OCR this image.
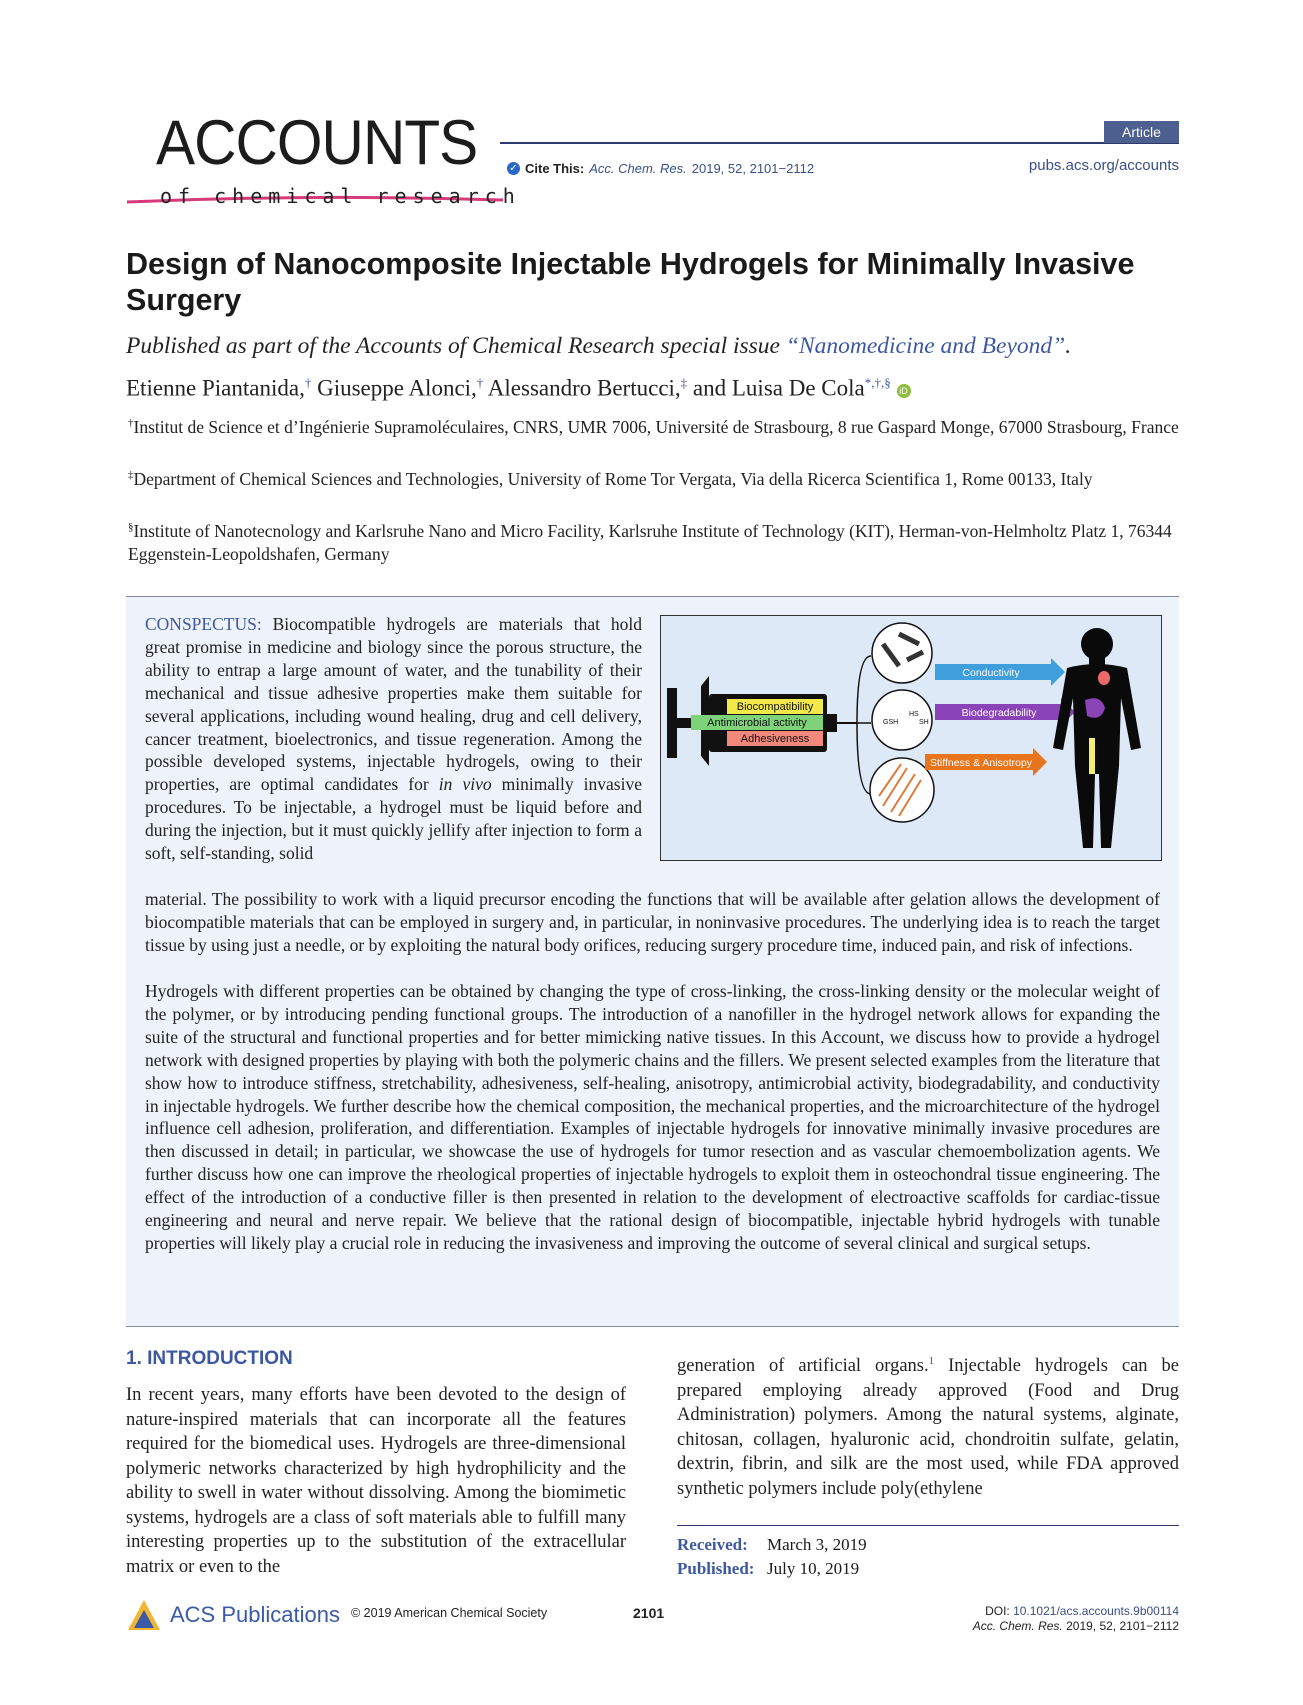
ACCOUNTS
of chemical research
Article
✓ Cite This: Acc. Chem. Res. 2019, 52, 2101−2112	pubs.acs.org/accounts
Design of Nanocomposite Injectable Hydrogels for Minimally Invasive Surgery
Published as part of the Accounts of Chemical Research special issue “Nanomedicine and Beyond”.
Etienne Piantanida,† Giuseppe Alonci,† Alessandro Bertucci,‡ and Luisa De Cola*,†,§ iD
†Institut de Science et d’Ingénierie Supramoléculaires, CNRS, UMR 7006, Université de Strasbourg, 8 rue Gaspard Monge, 67000 Strasbourg, France
‡Department of Chemical Sciences and Technologies, University of Rome Tor Vergata, Via della Ricerca Scientifica 1, Rome 00133, Italy
§Institute of Nanotecnology and Karlsruhe Nano and Micro Facility, Karlsruhe Institute of Technology (KIT), Herman-von-Helmholtz Platz 1, 76344 Eggenstein-Leopoldshafen, Germany
CONSPECTUS: Biocompatible hydrogels are materials that hold great promise in medicine and biology since the porous structure, the ability to entrap a large amount of water, and the tunability of their mechanical and tissue adhesive properties make them suitable for several applications, including wound healing, drug and cell delivery, cancer treatment, bioelectronics, and tissue regeneration. Among the possible developed systems, injectable hydrogels, owing to their properties, are optimal candidates for in vivo minimally invasive procedures. To be injectable, a hydrogel must be liquid before and during the injection, but it must quickly jellify after injection to form a soft, self-standing, solid
Biocompatibility
Antimicrobial activity
Adhesiveness
GSH
HS
SH
Conductivity
Biodegradability
Stiffness & Anisotropy

material. The possibility to work with a liquid precursor encoding the functions that will be available after gelation allows the development of biocompatible materials that can be employed in surgery and, in particular, in noninvasive procedures. The underlying idea is to reach the target tissue by using just a needle, or by exploiting the natural body orifices, reducing surgery procedure time, induced pain, and risk of infections.

Hydrogels with different properties can be obtained by changing the type of cross-linking, the cross-linking density or the molecular weight of the polymer, or by introducing pending functional groups. The introduction of a nanofiller in the hydrogel network allows for expanding the suite of the structural and functional properties and for better mimicking native tissues. In this Account, we discuss how to provide a hydrogel network with designed properties by playing with both the polymeric chains and the fillers. We present selected examples from the literature that show how to introduce stiffness, stretchability, adhesiveness, self-healing, anisotropy, antimicrobial activity, biodegradability, and conductivity in injectable hydrogels. We further describe how the chemical composition, the mechanical properties, and the microarchitecture of the hydrogel influence cell adhesion, proliferation, and differentiation. Examples of injectable hydrogels for innovative minimally invasive procedures are then discussed in detail; in particular, we showcase the use of hydrogels for tumor resection and as vascular chemoembolization agents. We further discuss how one can improve the rheological properties of injectable hydrogels to exploit them in osteochondral tissue engineering. The effect of the introduction of a conductive filler is then presented in relation to the development of electroactive scaffolds for cardiac-tissue engineering and neural and nerve repair. We believe that the rational design of biocompatible, injectable hybrid hydrogels with tunable properties will likely play a crucial role in reducing the invasiveness and improving the outcome of several clinical and surgical setups.

1. INTRODUCTION
In recent years, many efforts have been devoted to the design of nature-inspired materials that can incorporate all the features required for the biomedical uses. Hydrogels are three-dimensional polymeric networks characterized by high hydrophilicity and the ability to swell in water without dissolving. Among the biomimetic systems, hydrogels are a class of soft materials able to fulfill many interesting properties up to the substitution of the extracellular matrix or even to the
generation of artificial organs.$^1$ Injectable hydrogels can be prepared employing already approved (Food and Drug Administration) polymers. Among the natural systems, alginate, chitosan, collagen, hyaluronic acid, chondroitin sulfate, gelatin, dextrin, fibrin, and silk are the most used, while FDA approved synthetic polymers include poly(ethylene
Received: March 3, 2019
Published: July 10, 2019
ACS Publications © 2019 American Chemical Society	2101	DOI: 10.1021/acs.accounts.9b00114
Acc. Chem. Res. 2019, 52, 2101−2112
